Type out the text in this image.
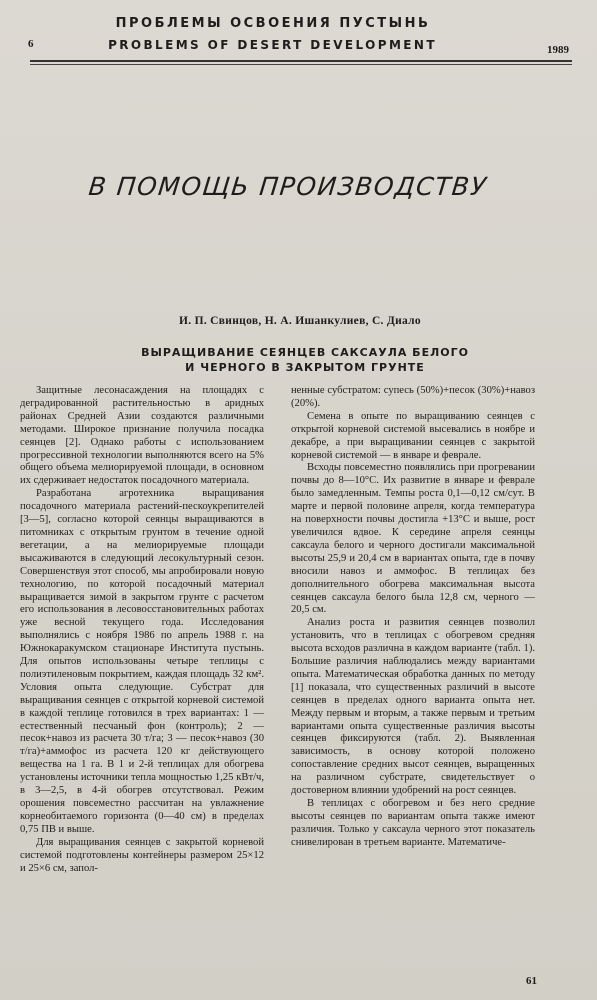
6
ПРОБЛЕМЫ ОСВОЕНИЯ ПУСТЫНЬ
PROBLEMS OF DESERT DEVELOPMENT	1989
В ПОМОЩЬ ПРОИЗВОДСТВУ
И. П. Свинцов, Н. А. Ишанкулиев, С. Диало
ВЫРАЩИВАНИЕ СЕЯНЦЕВ САКСАУЛА БЕЛОГО
И ЧЕРНОГО В ЗАКРЫТОМ ГРУНТЕ

Защитные лесонасаждения на площадях с деградированной растительностью в аридных районах Средней Азии создаются различными методами. Широкое признание получила посадка сеянцев [2]. Однако работы с использованием прогрессивной технологии выполняются всего на 5% общего объема мелиорируемой площади, в основном их сдерживает недостаток посадочного материала.

Разработана агротехника выращивания посадочного материала растений-пескоукрепителей [3—5], согласно которой сеянцы выращиваются в питомниках с открытым грунтом в течение одной вегетации, а на мелиорируемые площади высаживаются в следующий лесокультурный сезон. Совершенствуя этот способ, мы апробировали новую технологию, по которой посадочный материал выращивается зимой в закрытом грунте с расчетом его использования в лесовосстановительных работах уже весной текущего года. Исследования выполнялись с ноября 1986 по апрель 1988 г. на Южнокаракумском стационаре Института пустынь. Для опытов использованы четыре теплицы с полиэтиленовым покрытием, каждая площадь 32 км². Условия опыта следующие. Субстрат для выращивания сеянцев с открытой корневой системой в каждой теплице готовился в трех вариантах: 1 — естественный песчаный фон (контроль); 2 — песок+навоз из расчета 30 т/га; 3 — песок+навоз (30 т/га)+аммофос из расчета 120 кг действующего вещества на 1 га. В 1 и 2-й теплицах для обогрева установлены источники тепла мощностью 1,25 кВт/ч, в 3—2,5, в 4-й обогрев отсутствовал. Режим орошения повсеместно рассчитан на увлажнение корнеобитаемого горизонта (0—40 см) в пределах 0,75 ПВ и выше.

Для выращивания сеянцев с закрытой корневой системой подготовлены контейнеры размером 25×12 и 25×6 см, запол-

ненные субстратом: супесь (50%)+песок (30%)+навоз (20%).

Семена в опыте по выращиванию сеянцев с открытой корневой системой высевались в ноябре и декабре, а при выращивании сеянцев с закрытой корневой системой — в январе и феврале.

Всходы повсеместно появлялись при прогревании почвы до 8—10°С. Их развитие в январе и феврале было замедленным. Темпы роста 0,1—0,12 см/сут. В марте и первой половине апреля, когда температура на поверхности почвы достигла +13°С и выше, рост увеличился вдвое. К середине апреля сеянцы саксаула белого и черного достигали максимальной высоты 25,9 и 20,4 см в вариантах опыта, где в почву вносили навоз и аммофос. В теплицах без дополнительного обогрева максимальная высота сеянцев саксаула белого была 12,8 см, черного — 20,5 см.

Анализ роста и развития сеянцев позволил установить, что в теплицах с обогревом средняя высота всходов различна в каждом варианте (табл. 1). Большие различия наблюдались между вариантами опыта. Математическая обработка данных по методу [1] показала, что существенных различий в высоте сеянцев в пределах одного варианта опыта нет. Между первым и вторым, а также первым и третьим вариантами опыта существенные различия высоты сеянцев фиксируются (табл. 2). Выявленная зависимость, в основу которой положено сопоставление средних высот сеянцев, выращенных на различном субстрате, свидетельствует о достоверном влиянии удобрений на рост сеянцев.

В теплицах с обогревом и без него средние высоты сеянцев по вариантам опыта также имеют различия. Только у саксаула черного этот показатель снивелирован в третьем варианте. Математиче-

61
